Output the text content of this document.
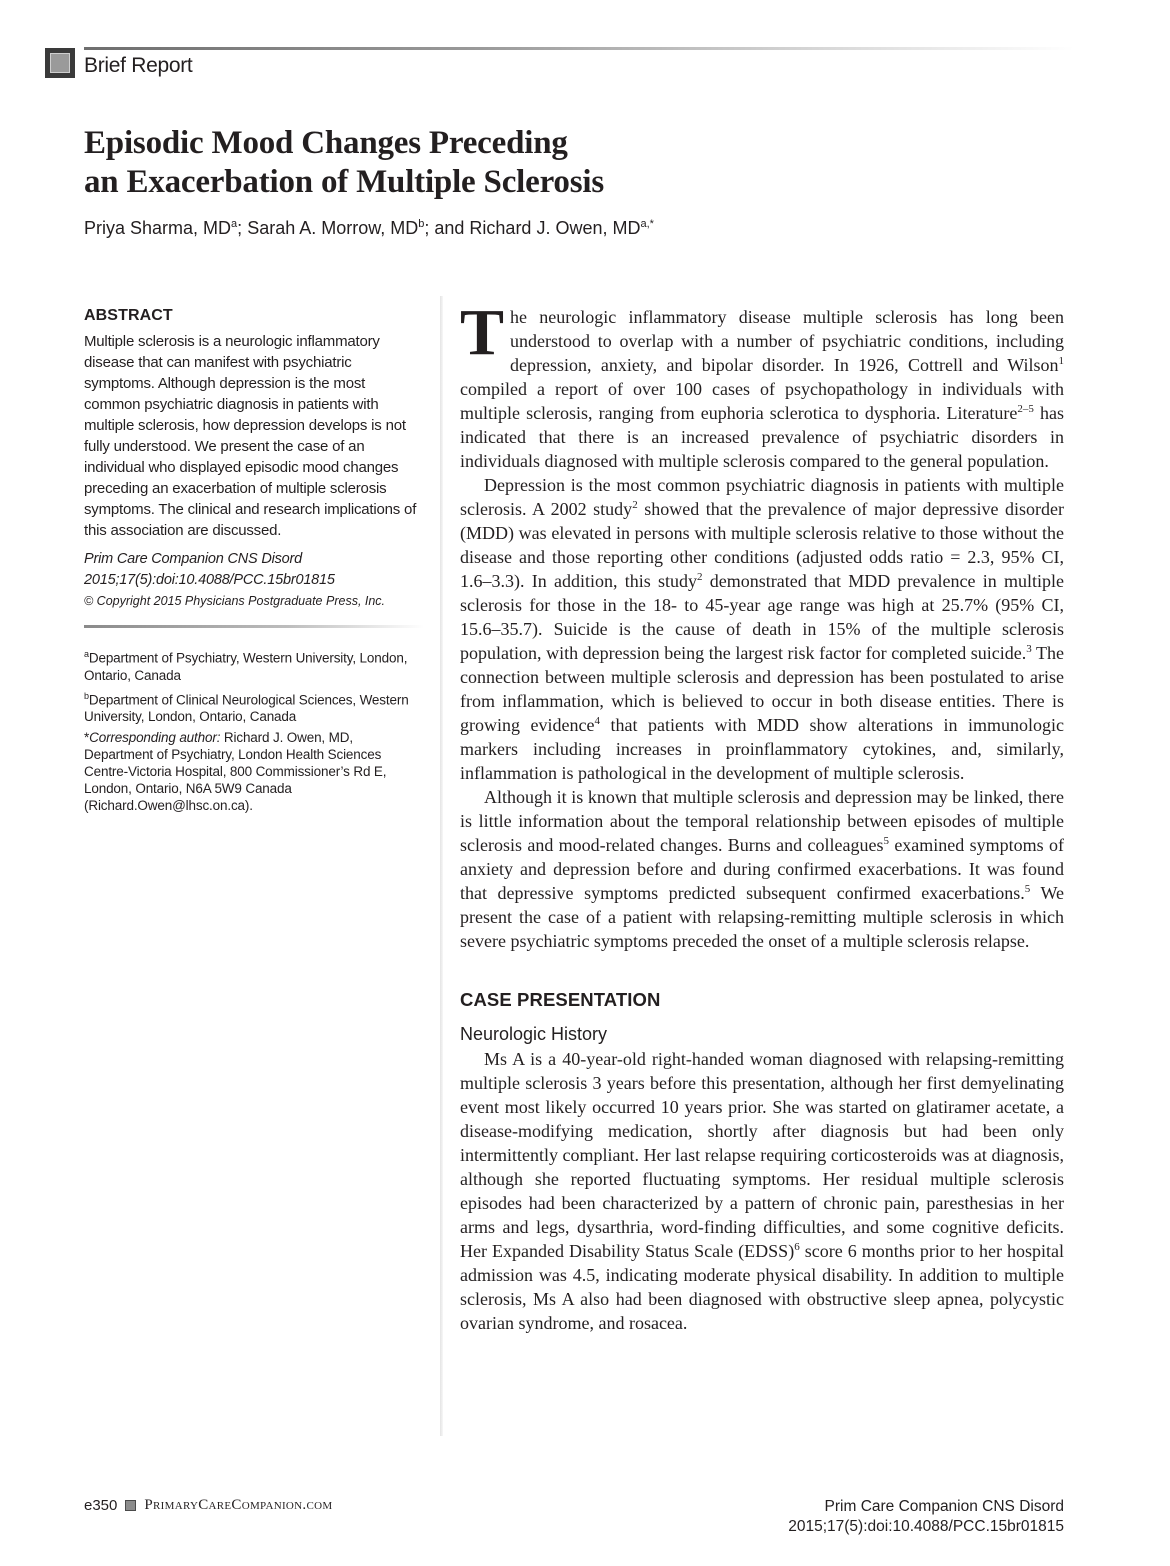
Brief Report
Episodic Mood Changes Preceding
an Exacerbation of Multiple Sclerosis
Priya Sharma, $MD^a$; Sarah A. Morrow, $MD^b$; and Richard J. Owen, $MD^{a,*}$
ABSTRACT

Multiple sclerosis is a neurologic inflammatory disease that can manifest with psychiatric symptoms. Although depression is the most common psychiatric diagnosis in patients with multiple sclerosis, how depression develops is not fully understood. We present the case of an individual who displayed episodic mood changes preceding an exacerbation of multiple sclerosis symptoms. The clinical and research implications of this association are discussed.

Prim Care Companion CNS Disord
2015;17(5):doi:10.4088/PCC.15br01815
© Copyright 2015 Physicians Postgraduate Press, Inc.

$^a$Department of Psychiatry, Western University, London, Ontario, Canada

$^b$Department of Clinical Neurological Sciences, Western University, London, Ontario, Canada

*Corresponding author: Richard J. Owen, MD, Department of Psychiatry, London Health Sciences Centre-Victoria Hospital, 800 Commissioner’s Rd E, London, Ontario, N6A 5W9 Canada (Richard.Owen@lhsc.on.ca).

The neurologic inflammatory disease multiple sclerosis has long been understood to overlap with a number of psychiatric conditions, including depression, anxiety, and bipolar disorder. In 1926, Cottrell and Wilson$^1$ compiled a report of over 100 cases of psychopathology in individuals with multiple sclerosis, ranging from euphoria sclerotica to dysphoria. Literature$^{2-5}$ has indicated that there is an increased prevalence of psychiatric disorders in individuals diagnosed with multiple sclerosis compared to the general population.

Depression is the most common psychiatric diagnosis in patients with multiple sclerosis. A 2002 study$^2$ showed that the prevalence of major depressive disorder (MDD) was elevated in persons with multiple sclerosis relative to those without the disease and those reporting other conditions (adjusted odds ratio = 2.3, 95% CI, 1.6–3.3). In addition, this study$^2$ demonstrated that MDD prevalence in multiple sclerosis for those in the 18- to 45-year age range was high at 25.7% (95% CI, 15.6–35.7). Suicide is the cause of death in 15% of the multiple sclerosis population, with depression being the largest risk factor for completed suicide.$^3$ The connection between multiple sclerosis and depression has been postulated to arise from inflammation, which is believed to occur in both disease entities. There is growing evidence$^4$ that patients with MDD show alterations in immunologic markers including increases in proinflammatory cytokines, and, similarly, inflammation is pathological in the development of multiple sclerosis.

Although it is known that multiple sclerosis and depression may be linked, there is little information about the temporal relationship between episodes of multiple sclerosis and mood-related changes. Burns and colleagues$^5$ examined symptoms of anxiety and depression before and during confirmed exacerbations. It was found that depressive symptoms predicted subsequent confirmed exacerbations.$^5$ We present the case of a patient with relapsing-remitting multiple sclerosis in which severe psychiatric symptoms preceded the onset of a multiple sclerosis relapse.

CASE PRESENTATION
Neurologic History

Ms A is a 40-year-old right-handed woman diagnosed with relapsing-remitting multiple sclerosis 3 years before this presentation, although her first demyelinating event most likely occurred 10 years prior. She was started on glatiramer acetate, a disease-modifying medication, shortly after diagnosis but had been only intermittently compliant. Her last relapse requiring corticosteroids was at diagnosis, although she reported fluctuating symptoms. Her residual multiple sclerosis episodes had been characterized by a pattern of chronic pain, paresthesias in her arms and legs, dysarthria, word-finding difficulties, and some cognitive deficits. Her Expanded Disability Status Scale (EDSS)$^6$ score 6 months prior to her hospital admission was 4.5, indicating moderate physical disability. In addition to multiple sclerosis, Ms A also had been diagnosed with obstructive sleep apnea, polycystic ovarian syndrome, and rosacea.

e350 PrimaryCareCompanion.com	Prim Care Companion CNS Disord
2015;17(5):doi:10.4088/PCC.15br01815
